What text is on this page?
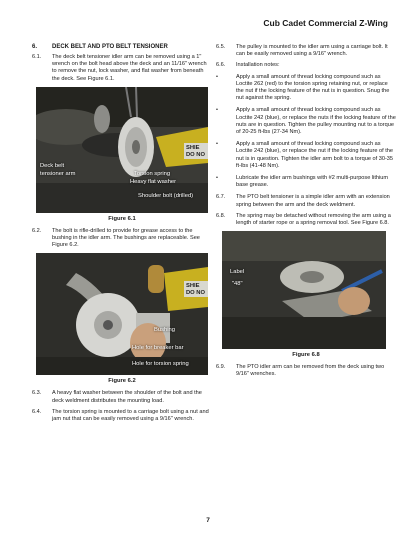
Cub Cadet Commercial Z-Wing
6.	DECK BELT AND PTO BELT TENSIONER
6.1.	The deck belt tensioner idler arm can be removed using a 1" wrench on the bolt head above the deck and an 11/16" wrench to remove the nut, lock washer, and flat washer from beneath the deck. See Figure 6.1.
Deck belt
tensioner arm	Torsion spring
Heavy flat washer
Shoulder bolt (drilled)
SHIE
DO NO
Figure 6.1
6.2.	The bolt is rifle-drilled to provide for grease access to the bushing in the idler arm. The bushings are replaceable. See Figure 6.2.
Bushing
Hole for breaker bar
Hole for torsion spring
SHIE
DO NO
Figure 6.2
6.3.	A heavy flat washer between the shoulder of the bolt and the deck weldment distributes the mounting load.
6.4.	The torsion spring is mounted to a carriage bolt using a nut and jam nut that can be easily removed using a 9/16" wrench.
6.5.	The pulley is mounted to the idler arm using a carriage bolt. It can be easily removed using a 9/16" wrench.
6.6.	Installation notes:
•	Apply a small amount of thread locking compound such as Loctite 262 (red) to the torsion spring retaining nut, or replace the nut if the locking feature of the nut is in question. Snug the nut against the spring.
•	Apply a small amount of thread locking compound such as Loctite 242 (blue), or replace the nuts if the locking feature of the nuts are in question. Tighten the pulley mounting nut to a torque of 20-25 ft-lbs (27-34 Nm).
•	Apply a small amount of thread locking compound such as Loctite 242 (blue), or replace the nut if the locking feature of the nut is in question. Tighten the idler arm bolt to a torque of 30-35 ft-lbs (41-48 Nm).
•	Lubricate the idler arm bushings with #2 multi-purpose lithium base grease.
6.7.	The PTO belt tensioner is a simple idler arm with an extension spring between the arm and the deck weldment.
6.8.	The spring may be detached without removing the arm using a length of starter rope or a spring removal tool. See Figure 6.8.
Label
"48"
Figure 6.8
6.9.	The PTO idler arm can be removed from the deck using two 9/16" wrenches.
7
